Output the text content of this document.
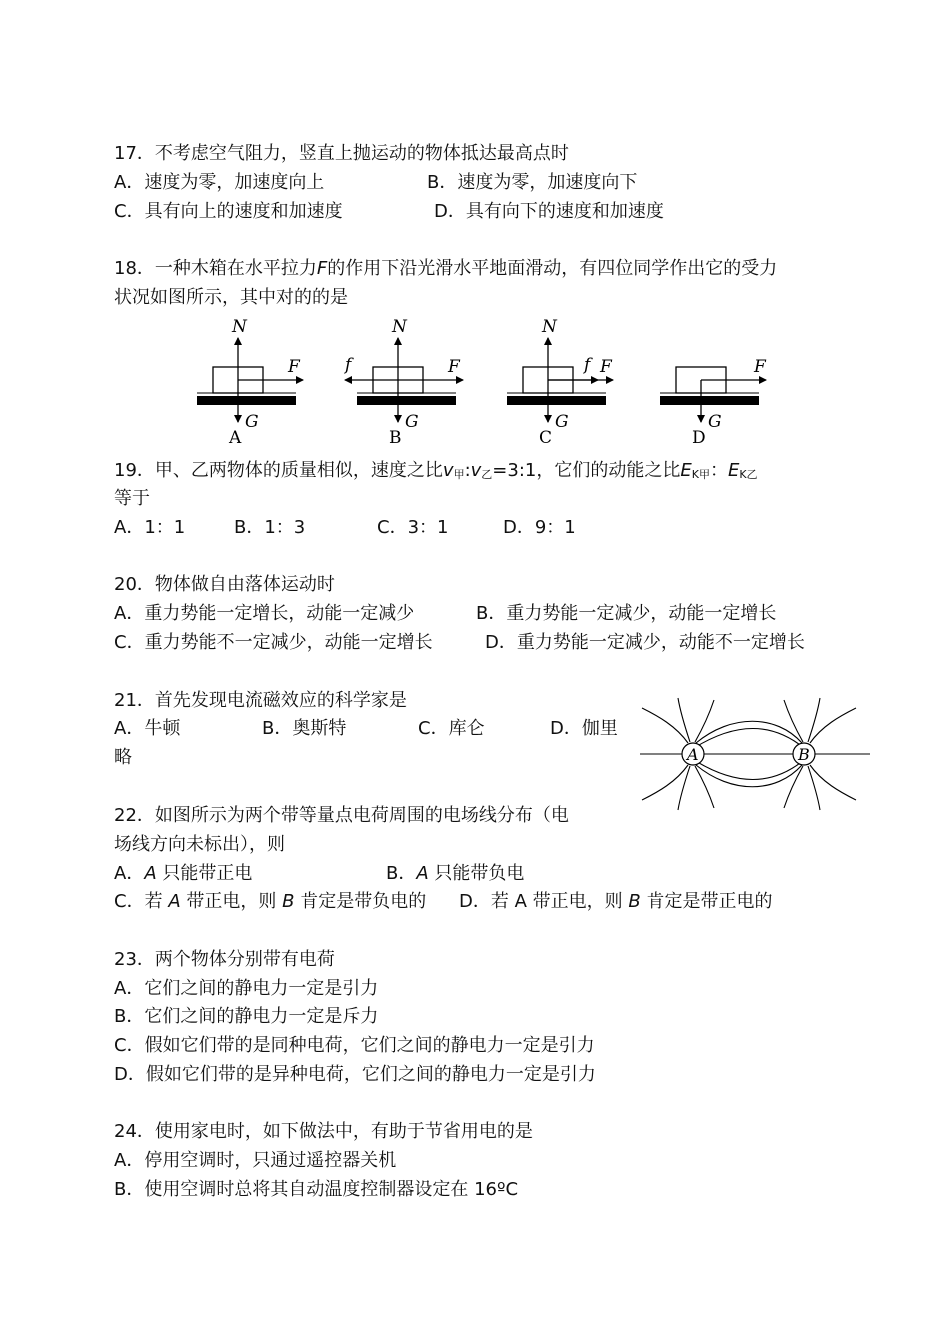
17．不考虑空气阻力，竖直上抛运动的物体抵达最高点时
A．速度为零，加速度向上	B．速度为零，加速度向下
C．具有向上的速度和加速度	D．具有向下的速度和加速度
18．一种木箱在水平拉力F的作用下沿光滑水平地面滑动，有四位同学作出它的受力
状况如图所示，其中对的的是
N
F
G
A
N
F
f
G
B
N
f F
G
C
F
G
D
19．甲、乙两物体的质量相似，速度之比$v_甲:v_乙=3:1$，它们的动能之比$E_{K甲}$：$E_{K乙}$
等于
A．1：1	B．1：3	C．3：1	D．9：1
20．物体做自由落体运动时
A．重力势能一定增长，动能一定减少	B．重力势能一定减少，动能一定增长
C．重力势能不一定减少，动能一定增长	D．重力势能一定减少，动能不一定增长
21．首先发现电流磁效应的科学家是
A．牛顿	B．奥斯特	C．库仑	D．伽里
略	A	B
22．如图所示为两个带等量点电荷周围的电场线分布（电
场线方向未标出），则
A．A 只能带正电	B．A 只能带负电
C．若 A 带正电，则 B 肯定是带负电的 D．若 A 带正电，则 B 肯定是带正电的
23．两个物体分别带有电荷
A．它们之间的静电力一定是引力
B．它们之间的静电力一定是斥力
C．假如它们带的是同种电荷，它们之间的静电力一定是引力
D．假如它们带的是异种电荷，它们之间的静电力一定是引力
24．使用家电时，如下做法中，有助于节省用电的是
A．停用空调时，只通过遥控器关机
B．使用空调时总将其自动温度控制器设定在 16ºC
